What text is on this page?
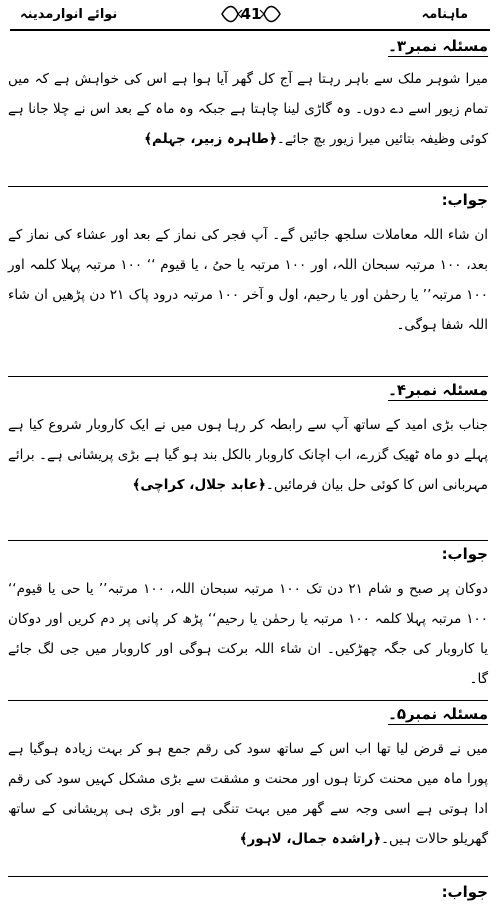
ماہنامہ
41
نوائے انوارمدینہ
مسئلہ نمبر۳۔
میرا شوہر ملک سے باہر رہتا ہے آج کل گھر آیا ہوا ہے اس کی خواہش ہے کہ میں تمام زیور اسے دے دوں۔ وہ گاڑی لینا چاہتا ہے جبکہ وہ ماہ کے بعد اس نے چلا جانا ہے کوئی وظیفہ بتائیں میرا زیور بچ جائے۔﴿طاہرہ زبیر، جہلم﴾
جواب:
ان شاء اللہ معاملات سلجھ جائیں گے۔ آپ فجر کی نماز کے بعد اور عشاء کی نماز کے بعد، ۱۰۰ مرتبہ سبحان اللہ، اور ۱۰۰ مرتبہ یا حیُ ، یا قیوم ‘‘ ۱۰۰ مرتبہ پہلا کلمہ اور ۱۰۰ مرتبہ’’ یا رحمٰن اور یا رحیم، اول و آخر ۱۰۰ مرتبہ درود پاک ۲۱ دن پڑھیں ان شاء اللہ شفا ہوگی۔
مسئلہ نمبر۴۔
جناب بڑی امید کے ساتھ آپ سے رابطہ کر رہا ہوں میں نے ایک کاروبار شروع کیا ہے پہلے دو ماہ ٹھیک گزرے، اب اچانک کاروبار بالکل بند ہو گیا ہے بڑی پریشانی ہے۔ برائے مہربانی اس کا کوئی حل بیان فرمائیں۔﴿عابد جلال، کراچی﴾
جواب:
دوکان پر صبح و شام ۲۱ دن تک ۱۰۰ مرتبہ سبحان اللہ، ۱۰۰ مرتبہ’’ یا حی یا قیوم‘‘ ۱۰۰ مرتبہ پہلا کلمہ ۱۰۰ مرتبہ یا رحمٰن یا رحیم‘‘ پڑھ کر پانی پر دم کریں اور دوکان یا کاروبار کی جگہ چھڑکیں۔ ان شاء اللہ برکت ہوگی اور کاروبار میں جی لگ جائے گا۔
مسئلہ نمبر۵۔
میں نے قرض لیا تھا اب اس کے ساتھ سود کی رقم جمع ہو کر بہت زیادہ ہوگیا ہے پورا ماہ میں محنت کرتا ہوں اور محنت و مشقت سے بڑی مشکل کہیں سود کی رقم ادا ہوتی ہے اسی وجہ سے گھر میں بہت تنگی ہے اور بڑی ہی پریشانی کے ساتھ گھریلو حالات ہیں۔﴿راشدہ جمال، لاہور﴾
جواب:
